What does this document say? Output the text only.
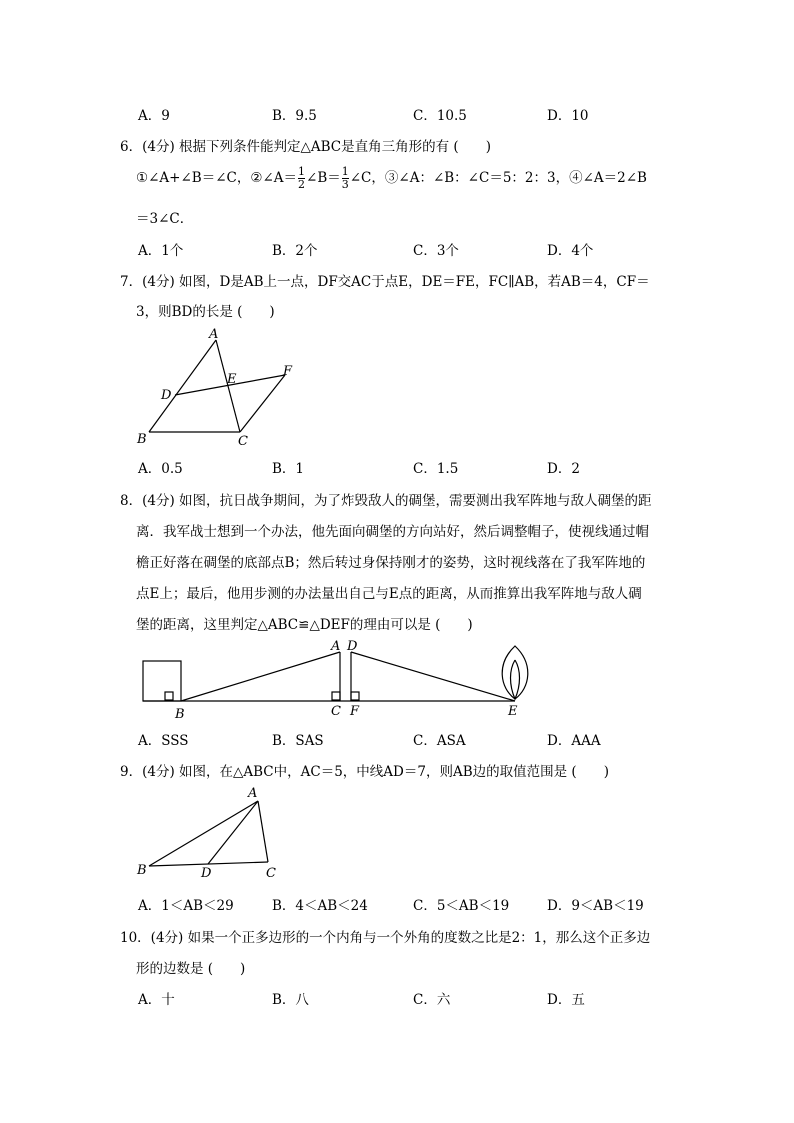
A．9	B．9.5	C．10.5	D．10
6．(4分) 根据下列条件能判定△ABC是直角三角形的有 (　　)
①∠A+∠B＝∠C，②∠A＝ $\frac{1}{2}$ ∠B＝ $\frac{1}{3}$ ∠C，③∠A：∠B：∠C＝5：2：3，④∠A＝2∠B
＝3∠C．
A．1个	B．2个	C．3个	D．4个
7．(4分) 如图，D是AB上一点，DF交AC于点E，DE＝FE，FC∥AB，若AB＝4，CF＝
3，则BD的长是 (　　)
A
B	C
D
E
F
A．0.5	B．1	C．1.5	D．2
8．(4分) 如图，抗日战争期间，为了炸毁敌人的碉堡，需要测出我军阵地与敌人碉堡的距
离．我军战士想到一个办法，他先面向碉堡的方向站好，然后调整帽子，使视线通过帽
檐正好落在碉堡的底部点B；然后转过身保持刚才的姿势，这时视线落在了我军阵地的
点E上；最后，他用步测的办法量出自己与E点的距离，从而推算出我军阵地与敌人碉
堡的距离，这里判定△ABC≌△DEF的理由可以是 (　　)
B
A
C
D
F	E
A．SSS	B．SAS	C．ASA	D．AAA
9．(4分) 如图，在△ABC中，AC＝5，中线AD＝7，则AB边的取值范围是 (　　)
A
B	D	C
A．1＜AB＜29	B．4＜AB＜24	C．5＜AB＜19	D．9＜AB＜19
10．(4分) 如果一个正多边形的一个内角与一个外角的度数之比是2：1，那么这个正多边
形的边数是 (　　)
A．十	B．八	C．六	D．五
